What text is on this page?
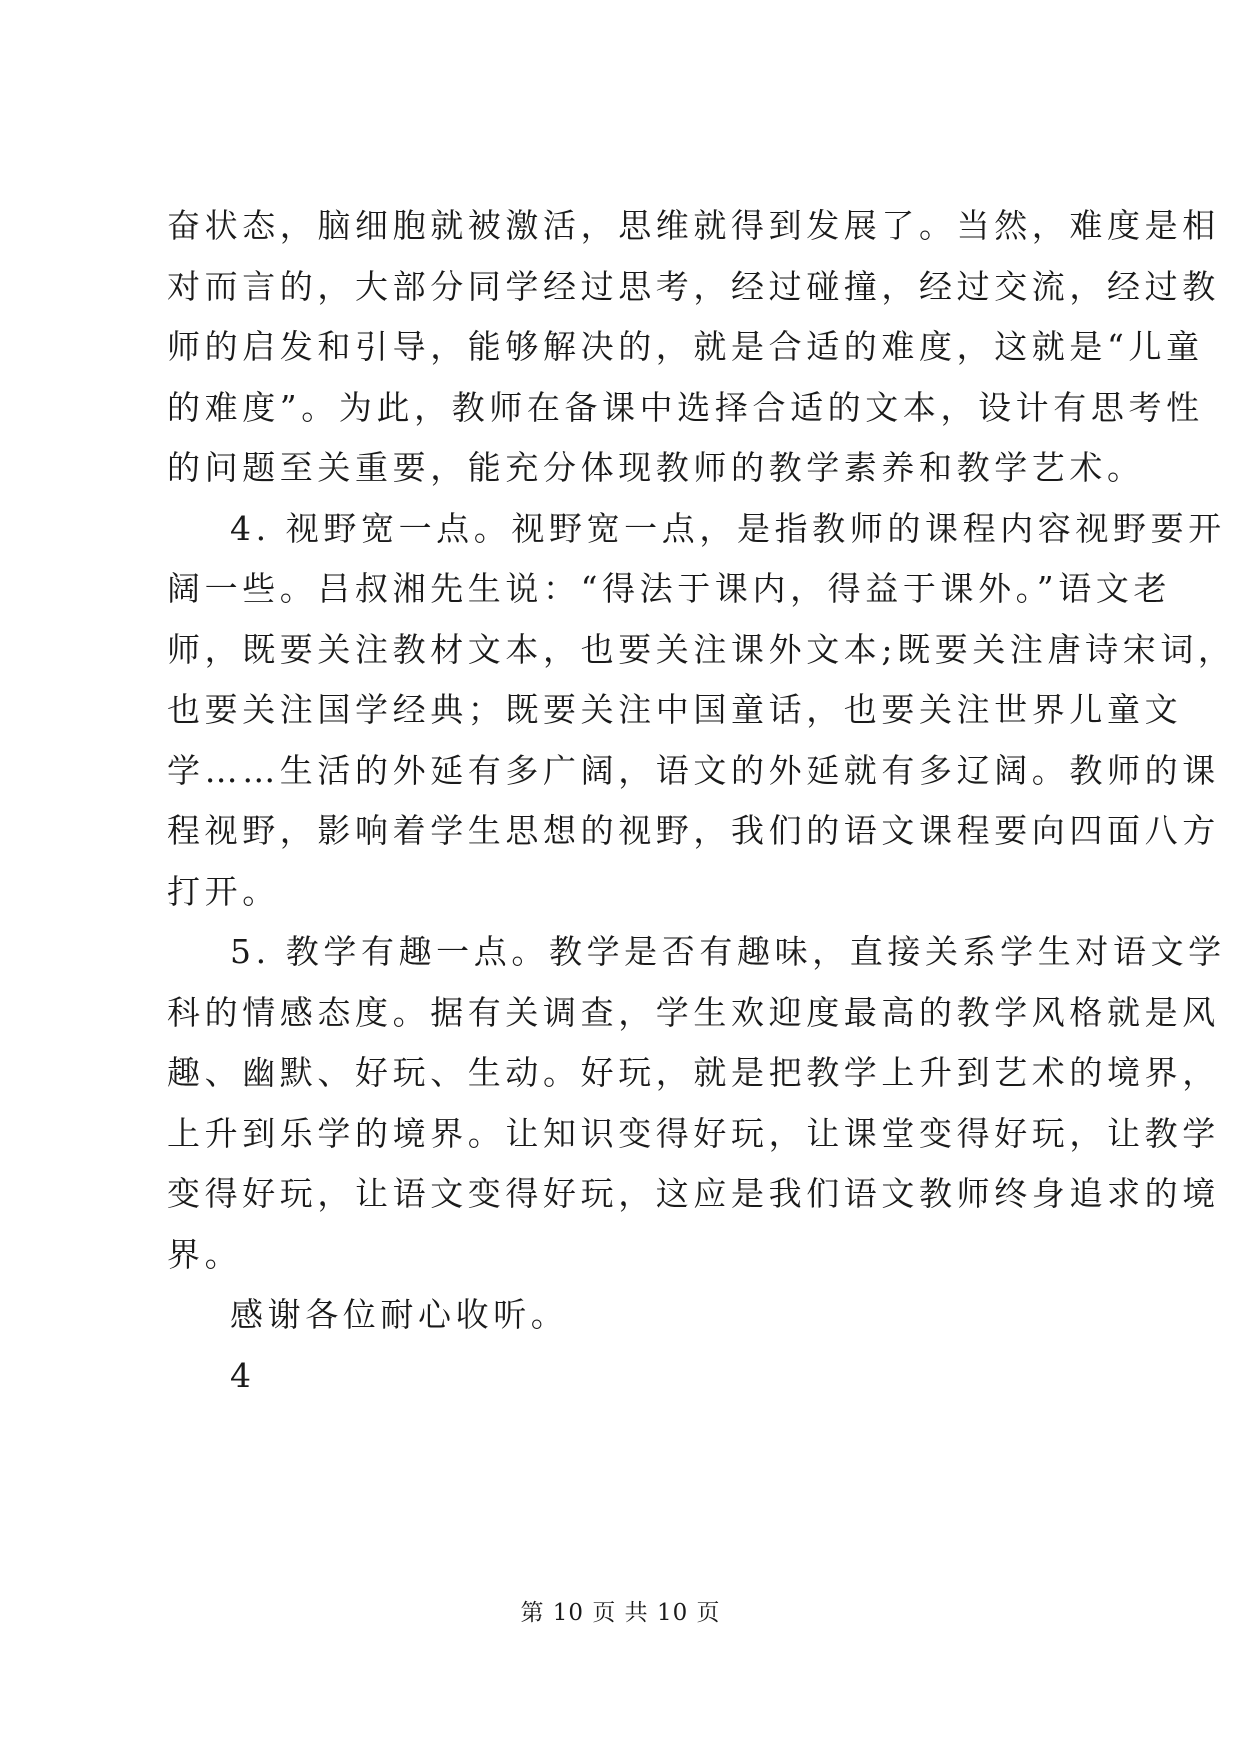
奋状态，脑细胞就被激活，思维就得到发展了。当然，难度是相
对而言的，大部分同学经过思考，经过碰撞，经过交流，经过教
师的启发和引导，能够解决的，就是合适的难度，这就是“儿童
的难度”。为此，教师在备课中选择合适的文本，设计有思考性
的问题至关重要，能充分体现教师的教学素养和教学艺术。
4. 视野宽一点。视野宽一点，是指教师的课程内容视野要开
阔一些。吕叔湘先生说：“得法于课内，得益于课外。”语文老
师，既要关注教材文本，也要关注课外文本;既要关注唐诗宋词，
也要关注国学经典；既要关注中国童话，也要关注世界儿童文
学……生活的外延有多广阔，语文的外延就有多辽阔。教师的课
程视野，影响着学生思想的视野，我们的语文课程要向四面八方
打开。
5. 教学有趣一点。教学是否有趣味，直接关系学生对语文学
科的情感态度。据有关调查，学生欢迎度最高的教学风格就是风
趣、幽默、好玩、生动。好玩，就是把教学上升到艺术的境界，
上升到乐学的境界。让知识变得好玩，让课堂变得好玩，让教学
变得好玩，让语文变得好玩，这应是我们语文教师终身追求的境
界。
感谢各位耐心收听。
4
第 10 页 共 10 页
